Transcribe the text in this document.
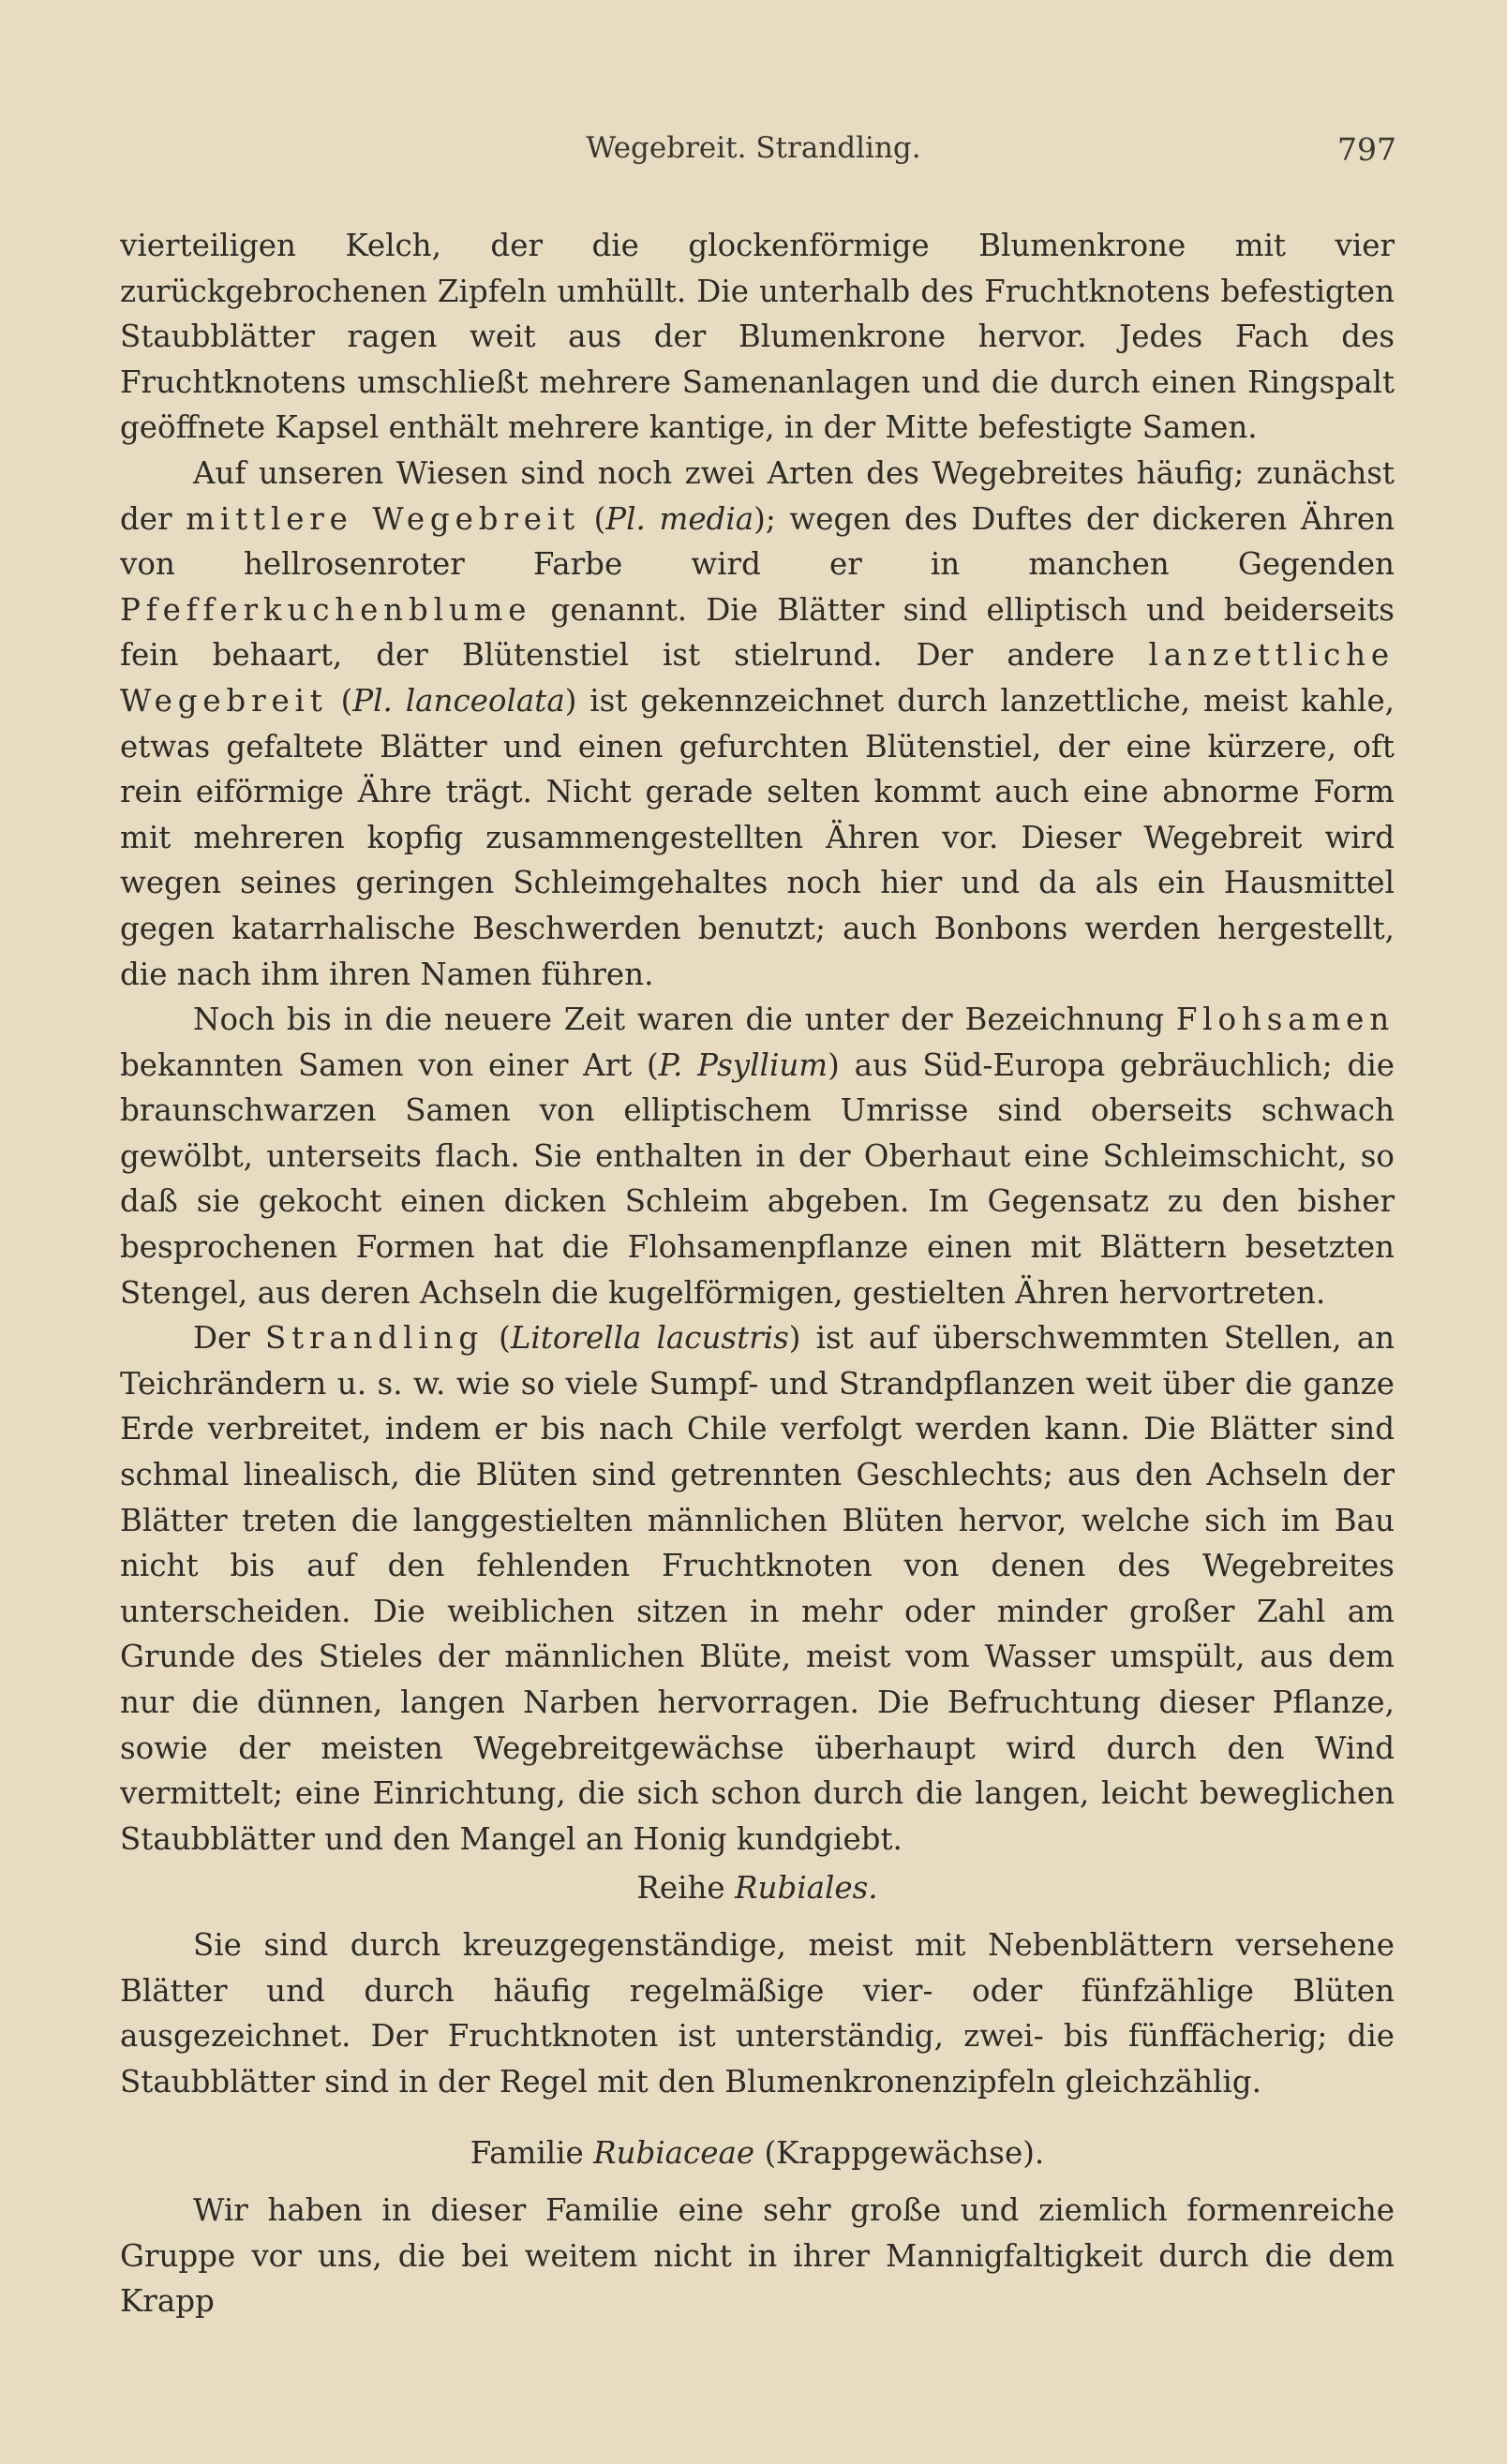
Wegebreit. Strandling.	797

vierteiligen Kelch, der die glockenförmige Blumenkrone mit vier zurückgebrochenen Zipfeln umhüllt. Die unterhalb des Fruchtknotens befestigten Staubblätter ragen weit aus der Blumenkrone hervor. Jedes Fach des Fruchtknotens umschließt mehrere Samenanlagen und die durch einen Ringspalt geöffnete Kapsel enthält mehrere kantige, in der Mitte befestigte Samen.

Auf unseren Wiesen sind noch zwei Arten des Wegebreites häufig; zunächst der mittlere Wegebreit (Pl. media); wegen des Duftes der dickeren Ähren von hellrosenroter Farbe wird er in manchen Gegenden Pfefferkuchenblume genannt. Die Blätter sind elliptisch und beiderseits fein behaart, der Blütenstiel ist stielrund. Der andere lanzettliche Wegebreit (Pl. lanceolata) ist gekennzeichnet durch lanzettliche, meist kahle, etwas gefaltete Blätter und einen gefurchten Blütenstiel, der eine kürzere, oft rein eiförmige Ähre trägt. Nicht gerade selten kommt auch eine abnorme Form mit mehreren kopfig zusammengestellten Ähren vor. Dieser Wegebreit wird wegen seines geringen Schleimgehaltes noch hier und da als ein Hausmittel gegen katarrhalische Beschwerden benutzt; auch Bonbons werden hergestellt, die nach ihm ihren Namen führen.

Noch bis in die neuere Zeit waren die unter der Bezeichnung Flohsamen bekannten Samen von einer Art (P. Psyllium) aus Süd-Europa gebräuchlich; die braunschwarzen Samen von elliptischem Umrisse sind oberseits schwach gewölbt, unterseits flach. Sie enthalten in der Oberhaut eine Schleimschicht, so daß sie gekocht einen dicken Schleim abgeben. Im Gegensatz zu den bisher besprochenen Formen hat die Flohsamenpflanze einen mit Blättern besetzten Stengel, aus deren Achseln die kugelförmigen, gestielten Ähren hervortreten.

Der Strandling (Litorella lacustris) ist auf überschwemmten Stellen, an Teichrändern u. s. w. wie so viele Sumpf- und Strandpflanzen weit über die ganze Erde verbreitet, indem er bis nach Chile verfolgt werden kann. Die Blätter sind schmal linealisch, die Blüten sind getrennten Geschlechts; aus den Achseln der Blätter treten die langgestielten männlichen Blüten hervor, welche sich im Bau nicht bis auf den fehlenden Fruchtknoten von denen des Wegebreites unterscheiden. Die weiblichen sitzen in mehr oder minder großer Zahl am Grunde des Stieles der männlichen Blüte, meist vom Wasser umspült, aus dem nur die dünnen, langen Narben hervorragen. Die Befruchtung dieser Pflanze, sowie der meisten Wegebreitgewächse überhaupt wird durch den Wind vermittelt; eine Einrichtung, die sich schon durch die langen, leicht beweglichen Staubblätter und den Mangel an Honig kundgiebt.

Reihe Rubiales.

Sie sind durch kreuzgegenständige, meist mit Nebenblättern versehene Blätter und durch häufig regelmäßige vier- oder fünfzählige Blüten ausgezeichnet. Der Fruchtknoten ist unterständig, zwei- bis fünffächerig; die Staubblätter sind in der Regel mit den Blumenkronenzipfeln gleichzählig.

Familie Rubiaceae (Krappgewächse).

Wir haben in dieser Familie eine sehr große und ziemlich formenreiche Gruppe vor uns, die bei weitem nicht in ihrer Mannigfaltigkeit durch die dem Krapp
